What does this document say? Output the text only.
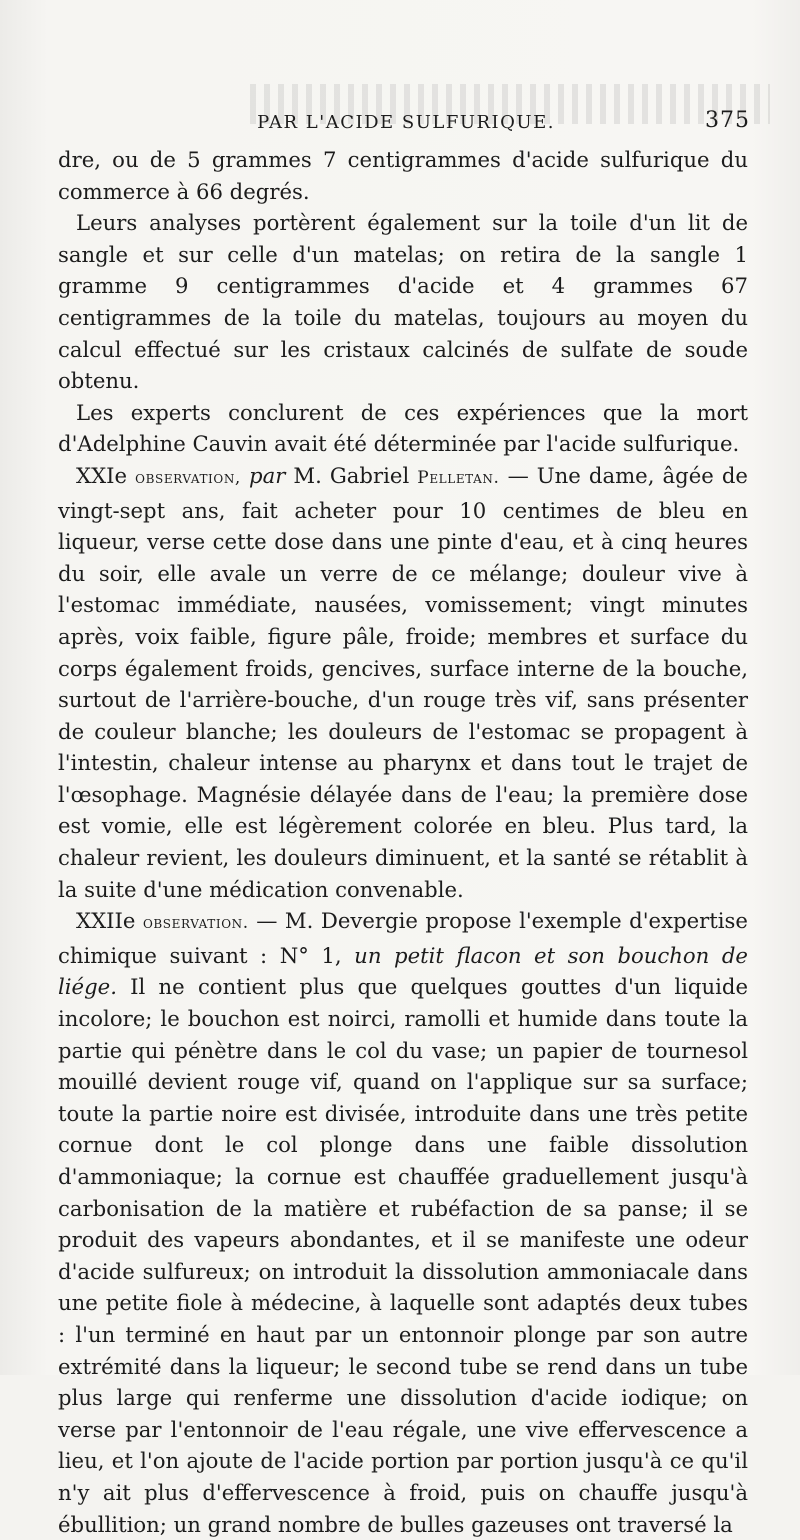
PAR L'ACIDE SULFURIQUE.	375

dre, ou de 5 grammes 7 centigrammes d'acide sulfurique du commerce à 66 degrés.

Leurs analyses portèrent également sur la toile d'un lit de sangle et sur celle d'un matelas; on retira de la sangle 1 gramme 9 centigrammes d'acide et 4 grammes 67 centigrammes de la toile du matelas, toujours au moyen du calcul effectué sur les cristaux calcinés de sulfate de soude obtenu.

Les experts conclurent de ces expériences que la mort d'Adelphine Cauvin avait été déterminée par l'acide sulfurique.

XXIe observation, par M. Gabriel Pelletan. — Une dame, âgée de vingt-sept ans, fait acheter pour 10 centimes de bleu en liqueur, verse cette dose dans une pinte d'eau, et à cinq heures du soir, elle avale un verre de ce mélange; douleur vive à l'estomac immédiate, nausées, vomissement; vingt minutes après, voix faible, figure pâle, froide; membres et surface du corps également froids, gencives, surface interne de la bouche, surtout de l'arrière-bouche, d'un rouge très vif, sans présenter de couleur blanche; les douleurs de l'estomac se propagent à l'intestin, chaleur intense au pharynx et dans tout le trajet de l'œsophage. Magnésie délayée dans de l'eau; la première dose est vomie, elle est légèrement colorée en bleu. Plus tard, la chaleur revient, les douleurs diminuent, et la santé se rétablit à la suite d'une médication convenable.

XXIIe observation. — M. Devergie propose l'exemple d'expertise chimique suivant : N° 1, un petit flacon et son bouchon de liége. Il ne contient plus que quelques gouttes d'un liquide incolore; le bouchon est noirci, ramolli et humide dans toute la partie qui pénètre dans le col du vase; un papier de tournesol mouillé devient rouge vif, quand on l'applique sur sa surface; toute la partie noire est divisée, introduite dans une très petite cornue dont le col plonge dans une faible dissolution d'ammoniaque; la cornue est chauffée graduellement jusqu'à carbonisation de la matière et rubéfaction de sa panse; il se produit des vapeurs abondantes, et il se manifeste une odeur d'acide sulfureux; on introduit la dissolution ammoniacale dans une petite fiole à médecine, à laquelle sont adaptés deux tubes : l'un terminé en haut par un entonnoir plonge par son autre extrémité dans la liqueur; le second tube se rend dans un tube plus large qui renferme une dissolution d'acide iodique; on verse par l'entonnoir de l'eau régale, une vive effervescence a lieu, et l'on ajoute de l'acide portion par portion jusqu'à ce qu'il n'y ait plus d'effervescence à froid, puis on chauffe jusqu'à ébullition; un grand nombre de bulles gazeuses ont traversé la
